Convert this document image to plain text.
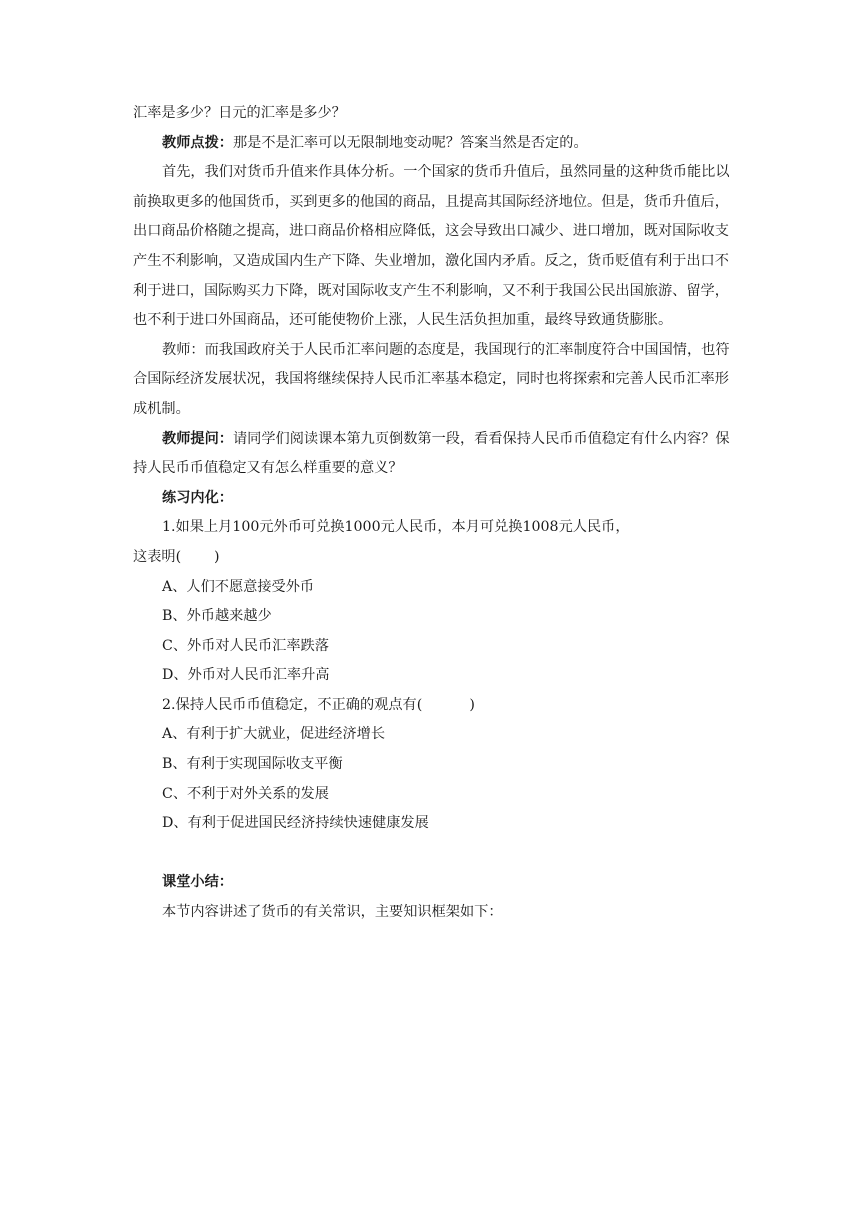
汇率是多少？日元的汇率是多少？

教师点拨：那是不是汇率可以无限制地变动呢？答案当然是否定的。

首先，我们对货币升值来作具体分析。一个国家的货币升值后，虽然同量的这种货币能比以前换取更多的他国货币，买到更多的他国的商品，且提高其国际经济地位。但是，货币升值后，出口商品价格随之提高，进口商品价格相应降低，这会导致出口减少、进口增加，既对国际收支产生不利影响，又造成国内生产下降、失业增加，激化国内矛盾。反之，货币贬值有利于出口不利于进口，国际购买力下降，既对国际收支产生不利影响，又不利于我国公民出国旅游、留学，也不利于进口外国商品，还可能使物价上涨，人民生活负担加重，最终导致通货膨胀。

教师：而我国政府关于人民币汇率问题的态度是，我国现行的汇率制度符合中国国情，也符合国际经济发展状况，我国将继续保持人民币汇率基本稳定，同时也将探索和完善人民币汇率形成机制。

教师提问：请同学们阅读课本第九页倒数第一段，看看保持人民币币值稳定有什么内容？保持人民币币值稳定又有怎么样重要的意义？

练习内化：

1.如果上月100元外币可兑换1000元人民币，本月可兑换1008元人民币，

这表明(　　 )

A、人们不愿意接受外币

B、外币越来越少

C、外币对人民币汇率跌落

D、外币对人民币汇率升高

2.保持人民币币值稳定，不正确的观点有(　　 　)

A、有利于扩大就业，促进经济增长

B、有利于实现国际收支平衡

C、不利于对外关系的发展

D、有利于促进国民经济持续快速健康发展

课堂小结：

本节内容讲述了货币的有关常识，主要知识框架如下：
